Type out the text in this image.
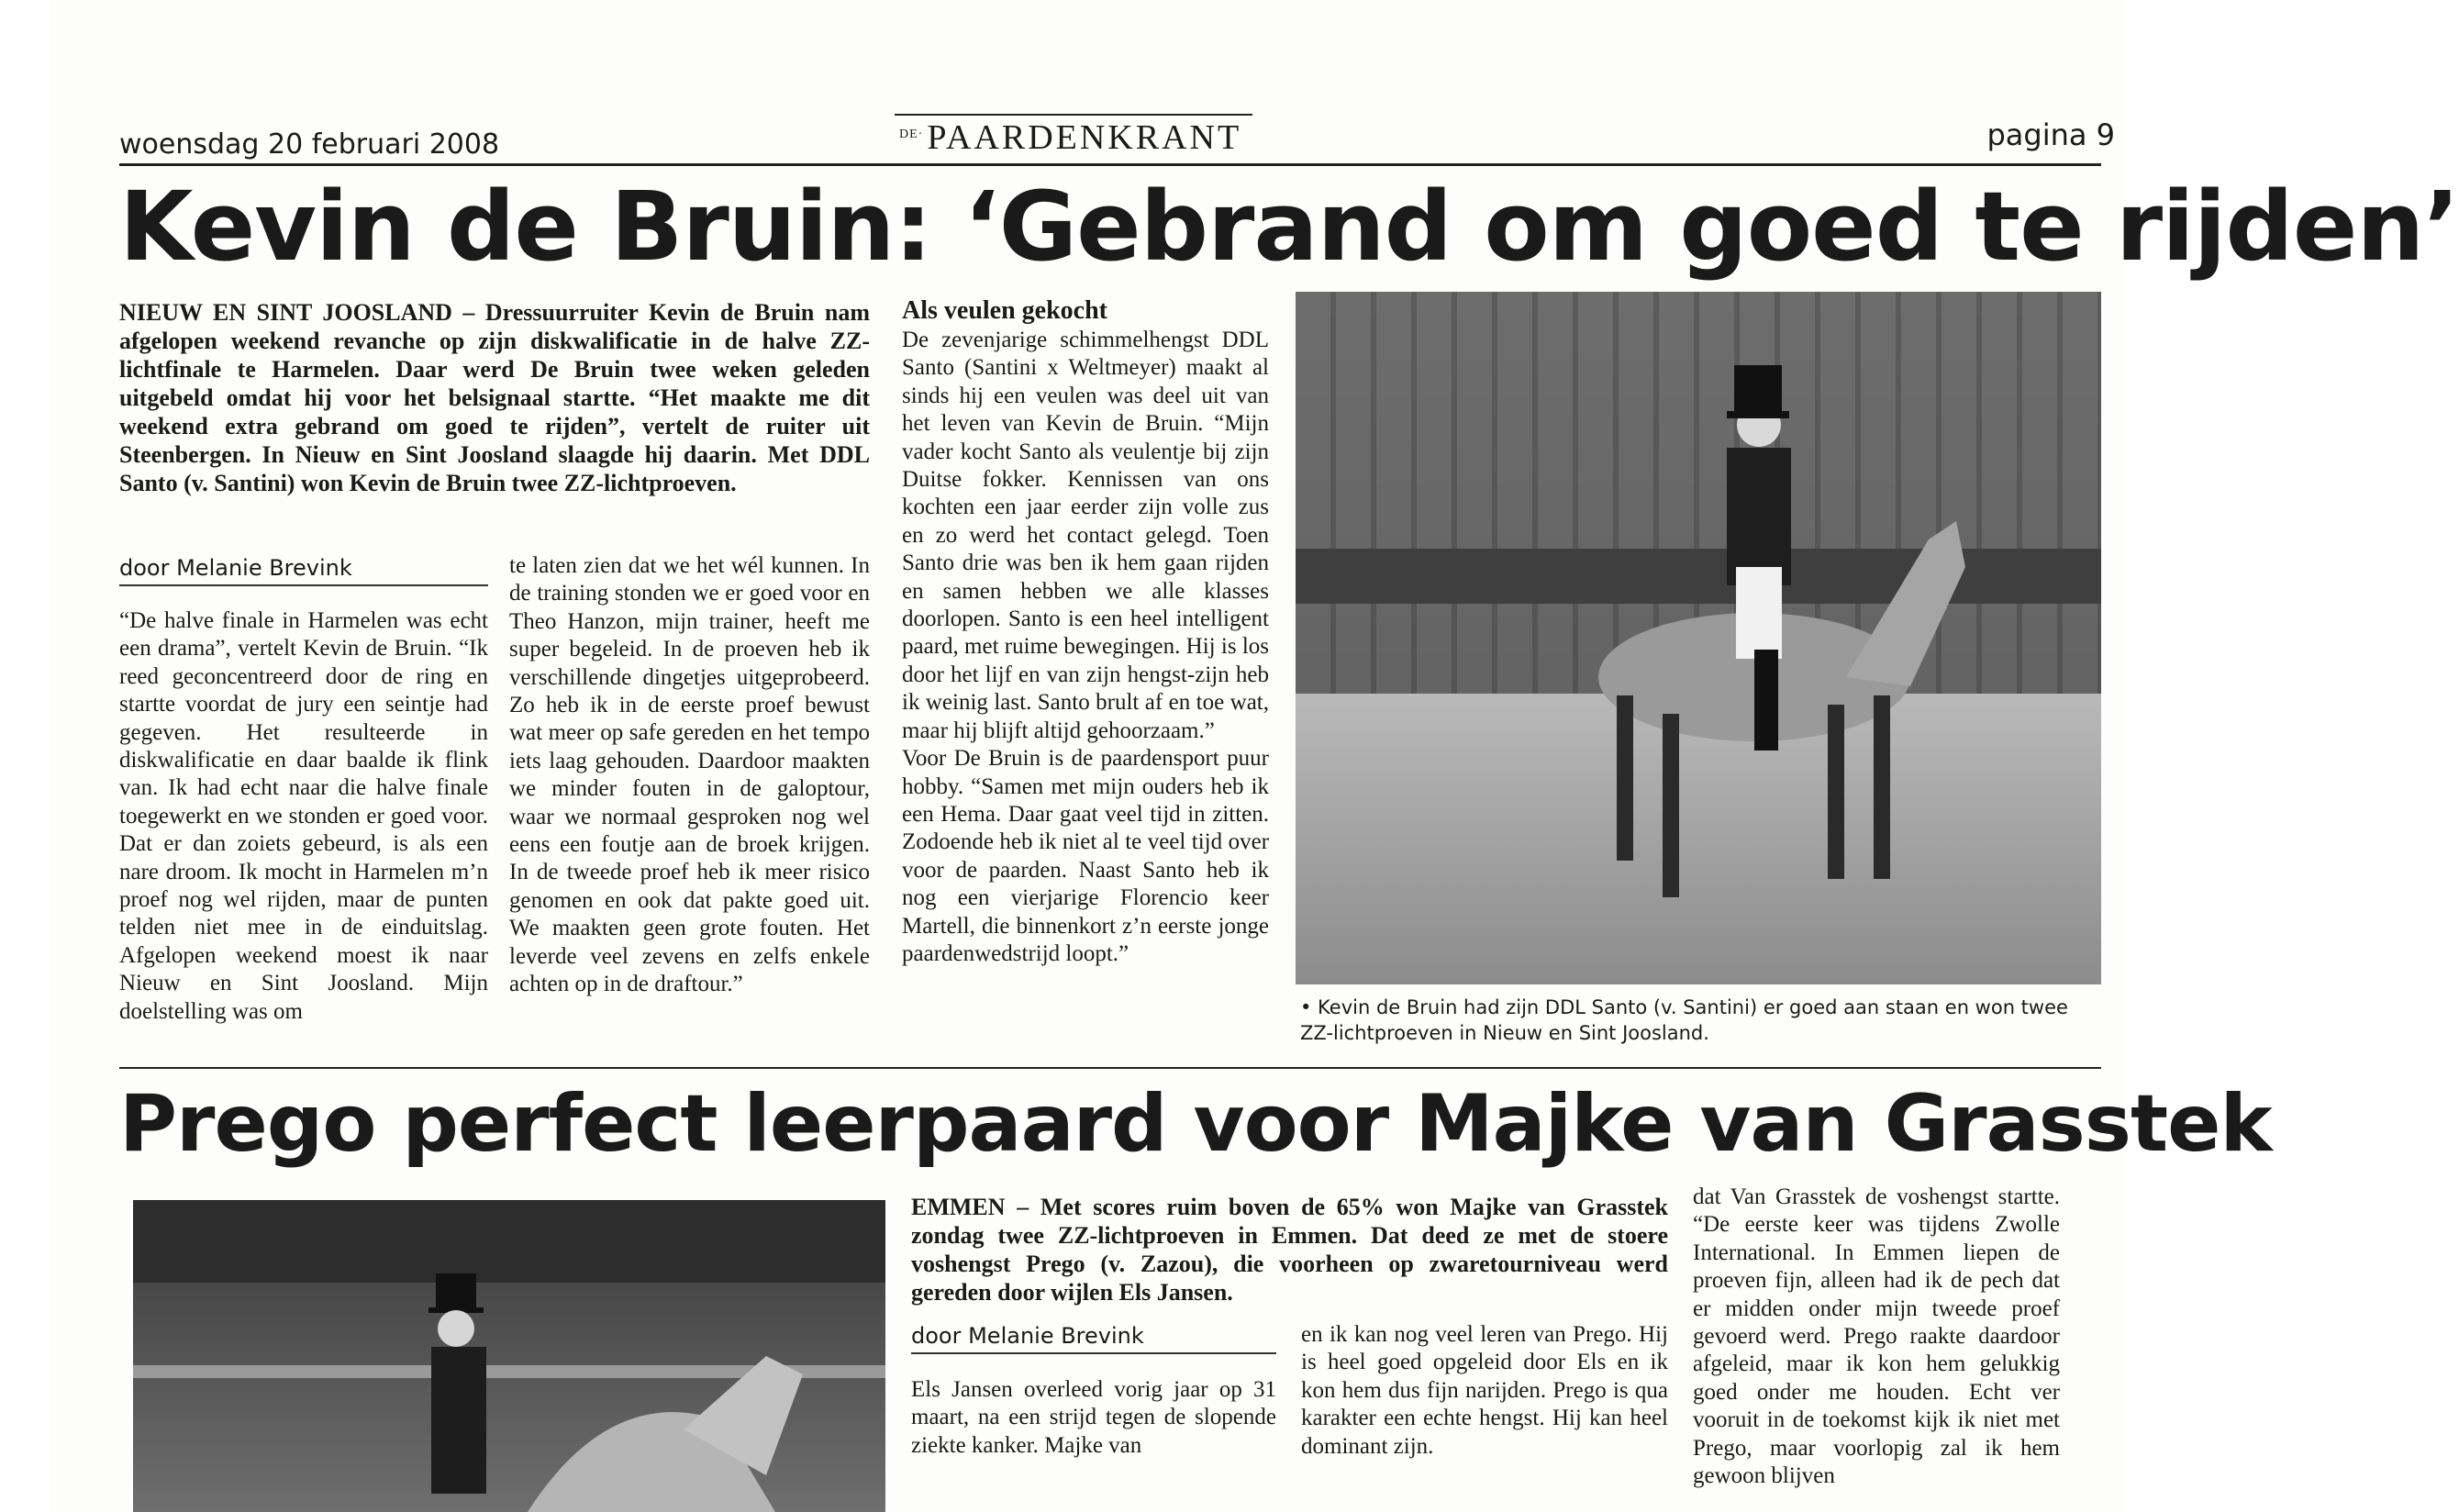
woensdag 20 februari 2008	$^{DE\cdot}$ PAARDENKRANT	pagina 9
Kevin de Bruin: ‘Gebrand om goed te rijden’
NIEUW EN SINT JOOSLAND – Dressuurruiter Kevin de Bruin nam afgelopen weekend revanche op zijn diskwalificatie in de halve ZZ-lichtfinale te Harmelen. Daar werd De Bruin twee weken geleden uitgebeld omdat hij voor het belsignaal startte. “Het maakte me dit weekend extra gebrand om goed te rijden”, vertelt de ruiter uit Steenbergen. In Nieuw en Sint Joosland slaagde hij daarin. Met DDL Santo (v. Santini) won Kevin de Bruin twee ZZ-lichtproeven.
door Melanie Brevink
“De halve finale in Harmelen was echt een drama”, vertelt Kevin de Bruin. “Ik reed geconcentreerd door de ring en startte voordat de jury een seintje had gegeven. Het resulteerde in diskwalificatie en daar baalde ik flink van. Ik had echt naar die halve finale toegewerkt en we stonden er goed voor. Dat er dan zoiets gebeurd, is als een nare droom. Ik mocht in Harmelen m’n proef nog wel rijden, maar de punten telden niet mee in de einduitslag. Afgelopen weekend moest ik naar Nieuw en Sint Joosland. Mijn doelstelling was om
te laten zien dat we het wél kunnen. In de training stonden we er goed voor en Theo Hanzon, mijn trainer, heeft me super begeleid. In de proeven heb ik verschillende dingetjes uitgeprobeerd. Zo heb ik in de eerste proef bewust wat meer op safe gereden en het tempo iets laag gehouden. Daardoor maakten we minder fouten in de galoptour, waar we normaal gesproken nog wel eens een foutje aan de broek krijgen. In de tweede proef heb ik meer risico genomen en ook dat pakte goed uit. We maakten geen grote fouten. Het leverde veel zevens en zelfs enkele achten op in de draftour.”
Als veulen gekocht
De zevenjarige schimmelhengst DDL Santo (Santini x Weltmeyer) maakt al sinds hij een veulen was deel uit van het leven van Kevin de Bruin. “Mijn vader kocht Santo als veulentje bij zijn Duitse fokker. Kennissen van ons kochten een jaar eerder zijn volle zus en zo werd het contact gelegd. Toen Santo drie was ben ik hem gaan rijden en samen hebben we alle klasses doorlopen. Santo is een heel intelligent paard, met ruime bewegingen. Hij is los door het lijf en van zijn hengst-zijn heb ik weinig last. Santo brult af en toe wat, maar hij blijft altijd gehoorzaam.”
Voor De Bruin is de paardensport puur hobby. “Samen met mijn ouders heb ik een Hema. Daar gaat veel tijd in zitten. Zodoende heb ik niet al te veel tijd over voor de paarden. Naast Santo heb ik nog een vierjarige Florencio keer Martell, die binnenkort z’n eerste jonge paardenwedstrijd loopt.”
• Kevin de Bruin had zijn DDL Santo (v. Santini) er goed aan staan en won twee ZZ-lichtproeven in Nieuw en Sint Joosland.
Prego perfect leerpaard voor Majke van Grasstek
EMMEN – Met scores ruim boven de 65% won Majke van Grasstek zondag twee ZZ-lichtproeven in Emmen. Dat deed ze met de stoere voshengst Prego (v. Zazou), die voorheen op zwaretourniveau werd gereden door wijlen Els Jansen.
door Melanie Brevink
Els Jansen overleed vorig jaar op 31 maart, na een strijd tegen de slopende ziekte kanker. Majke van
en ik kan nog veel leren van Prego. Hij is heel goed opgeleid door Els en ik kon hem dus fijn narijden. Prego is qua karakter een echte hengst. Hij kan heel dominant zijn.
dat Van Grasstek de voshengst startte. “De eerste keer was tijdens Zwolle International. In Emmen liepen de proeven fijn, alleen had ik de pech dat er midden onder mijn tweede proef gevoerd werd. Prego raakte daardoor afgeleid, maar ik kon hem gelukkig goed onder me houden. Echt ver vooruit in de toekomst kijk ik niet met Prego, maar voorlopig zal ik hem gewoon blijven
